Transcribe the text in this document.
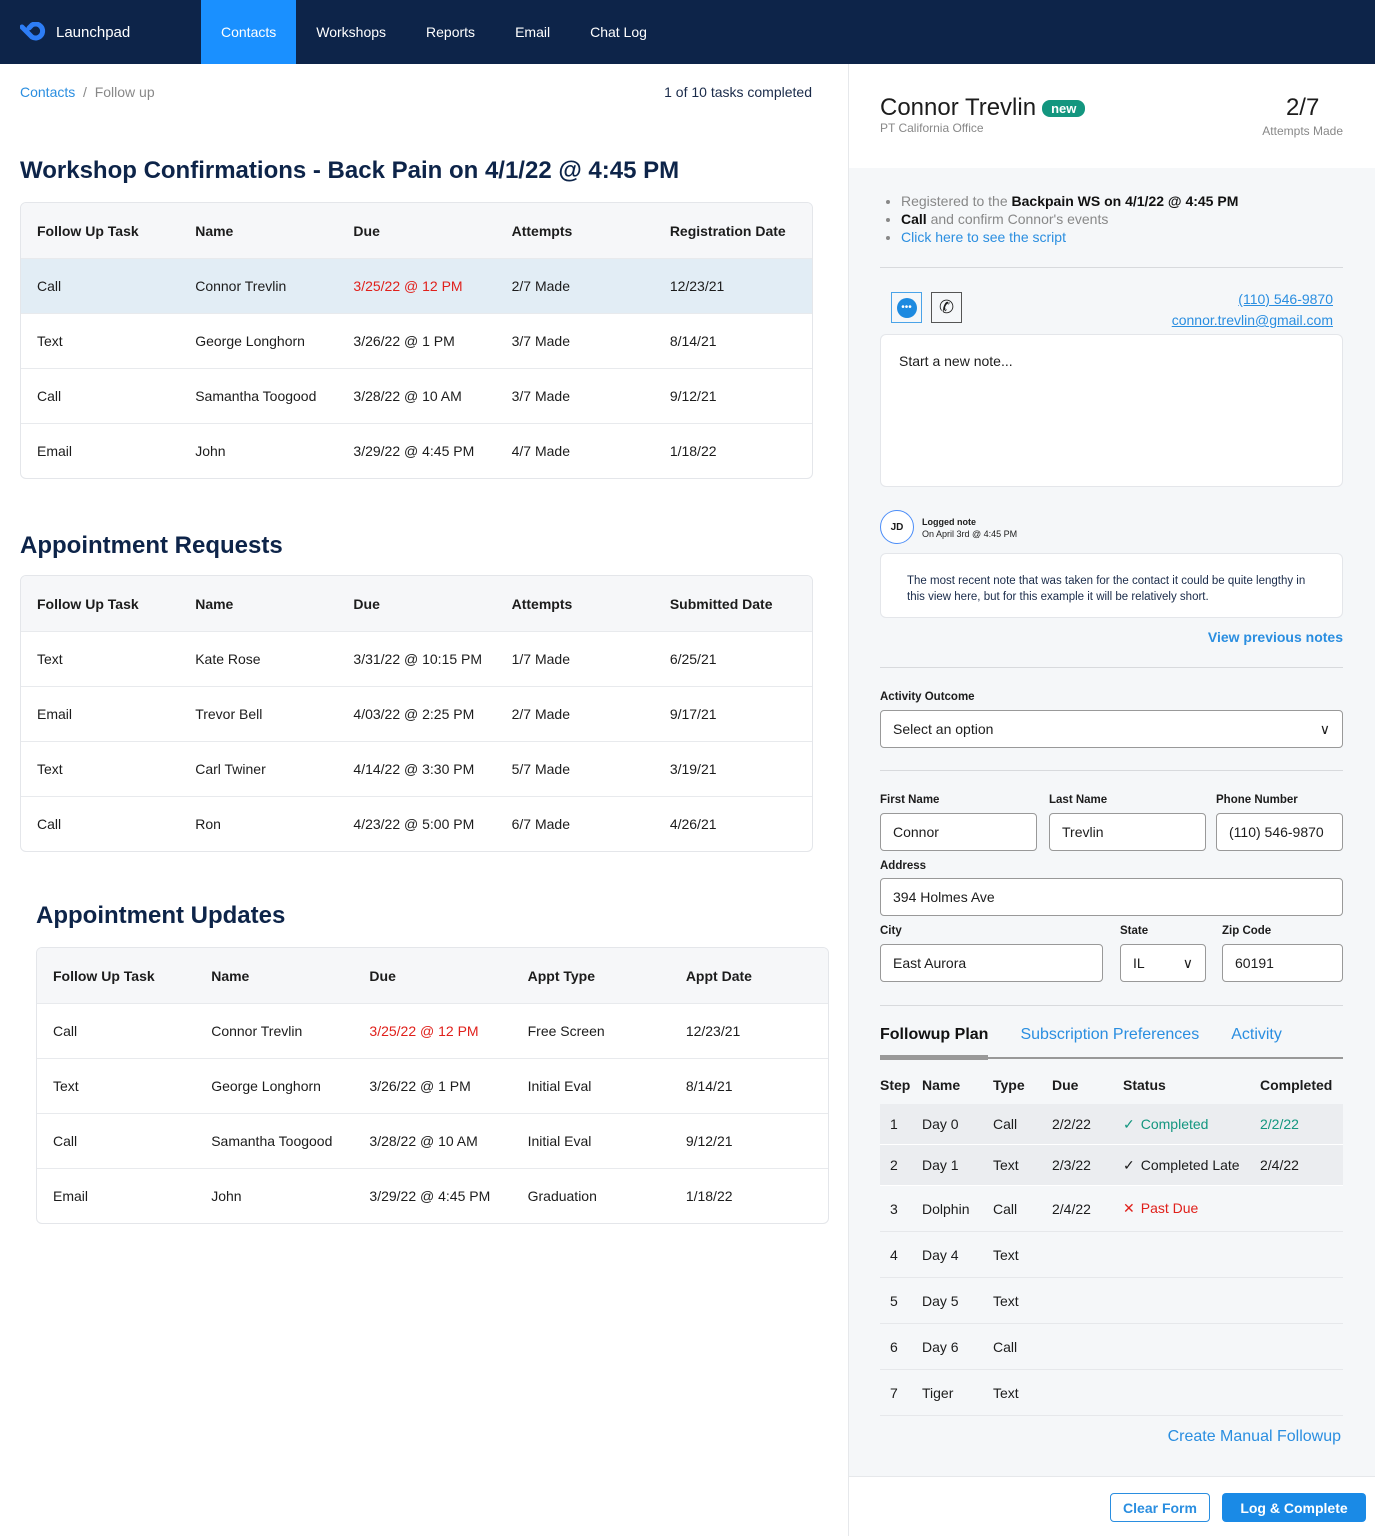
Launchpad	Contacts	Workshops	Reports	Email	Chat Log
Contacts  /  Follow up	1 of 10 tasks completed
Workshop Confirmations - Back Pain on 4/1/22 @ 4:45 PM
Follow Up Task	Name	Due	Attempts	Registration Date
Call	Connor Trevlin	3/25/22 @ 12 PM	2/7 Made	12/23/21
Text	George Longhorn	3/26/22 @ 1 PM	3/7 Made	8/14/21
Call	Samantha Toogood	3/28/22 @ 10 AM	3/7 Made	9/12/21
Email	John	3/29/22 @ 4:45 PM	4/7 Made	1/18/22
Appointment Requests
Follow Up Task	Name	Due	Attempts	Submitted Date
Text	Kate Rose	3/31/22 @ 10:15 PM	1/7 Made	6/25/21
Email	Trevor Bell	4/03/22 @ 2:25 PM	2/7 Made	9/17/21
Text	Carl Twiner	4/14/22 @ 3:30 PM	5/7 Made	3/19/21
Call	Ron	4/23/22 @ 5:00 PM	6/7 Made	4/26/21
Appointment Updates
Follow Up Task	Name	Due	Appt Type	Appt Date
Call	Connor Trevlin	3/25/22 @ 12 PM	Free Screen	12/23/21
Text	George Longhorn	3/26/22 @ 1 PM	Initial Eval	8/14/21
Call	Samantha Toogood	3/28/22 @ 10 AM	Initial Eval	9/12/21
Email	John	3/29/22 @ 4:45 PM	Graduation	1/18/22
Connor Trevlin new
PT California Office
2/7
Attempts Made
• Registered to the Backpain WS on 4/1/22 @ 4:45 PM
• Call and confirm Connor's events
• Click here to see the script
••• ✆	(110) 546-9870
connor.trevlin@gmail.com
Start a new note...
JD	Logged note
On April 3rd @ 4:45 PM
The most recent note that was taken for the contact it could be quite lengthy in this view here, but for this example it will be relatively short.
View previous notes
Activity Outcome
Select an option	∨
First Name
Connor
Last Name
Trevlin
Phone Number
(110) 546-9870
Address
394 Holmes Ave
City
East Aurora
State
IL	∨
Zip Code
60191
Followup Plan Subscription Preferences Activity
Step Name	Type	Due	Status	Completed
1	Day 0	Call	2/2/22	✓ Completed	2/2/22
2	Day 1	Text	2/3/22	✓ Completed Late	2/4/22
3	Dolphin	Call	2/4/22	✕ Past Due
4	Day 4	Text
5	Day 5	Text
6	Day 6	Call
7	Tiger	Text
Create Manual Followup
Clear Form	Log & Complete
